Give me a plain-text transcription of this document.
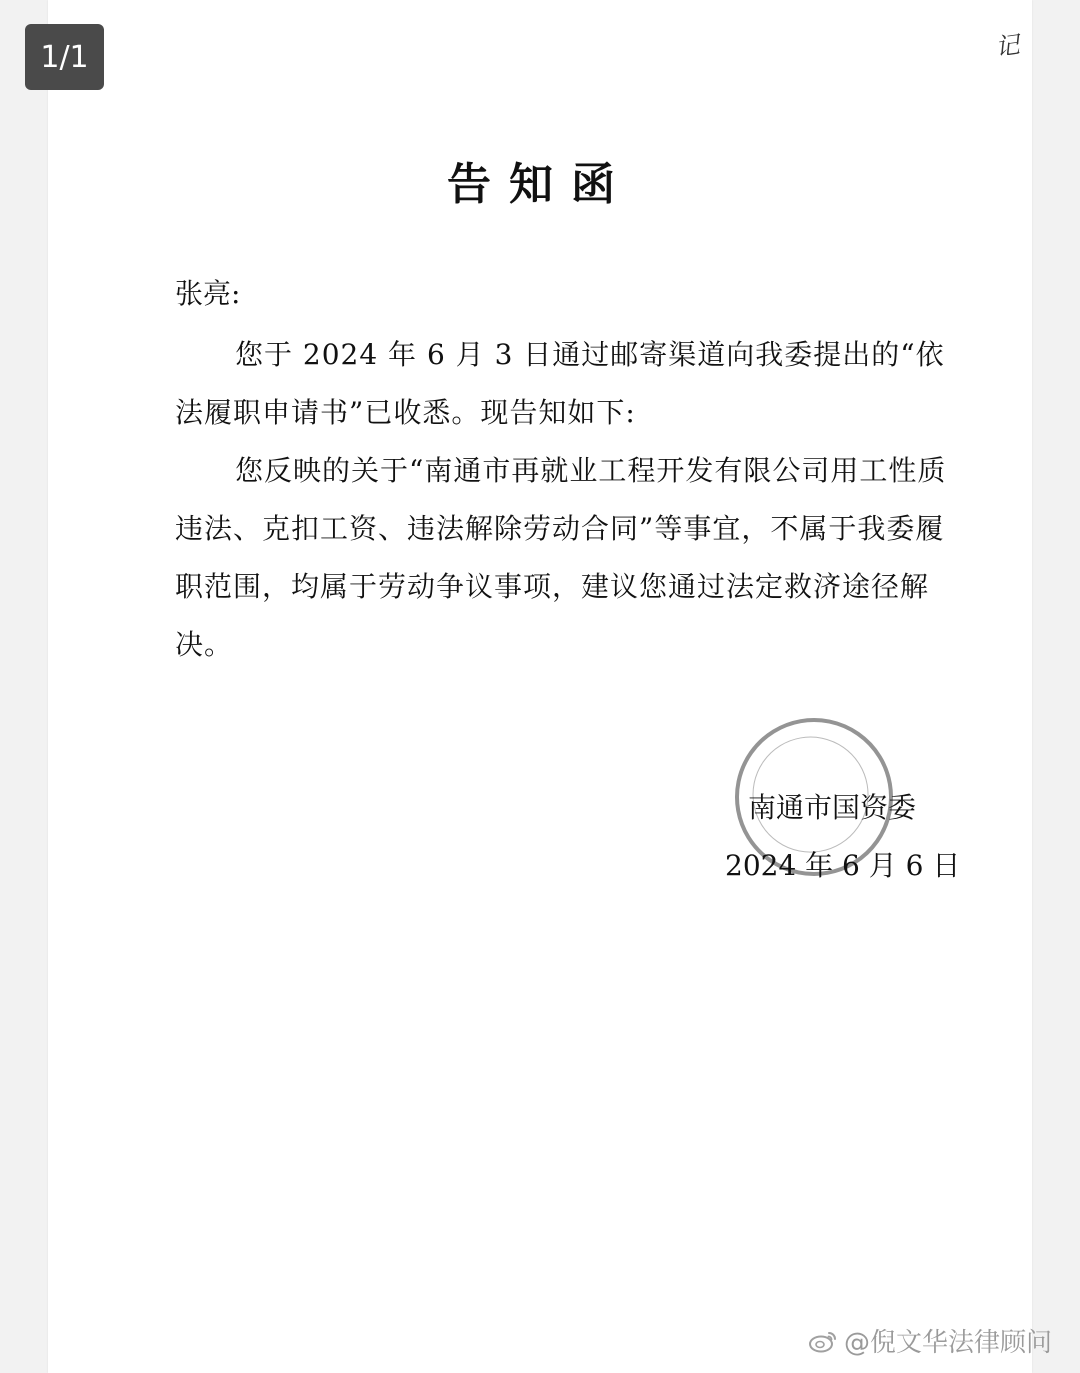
1/1	记
告知函
张亮:
您于 2024 年 6 月 3 日通过邮寄渠道向我委提出的“依法履职申请书”已收悉。现告知如下:
您反映的关于“南通市再就业工程开发有限公司用工性质违法、克扣工资、违法解除劳动合同”等事宜，不属于我委履职范围，均属于劳动争议事项，建议您通过法定救济途径解决。
南通市国资委
2024 年 6 月 6 日
@倪文华法律顾问
